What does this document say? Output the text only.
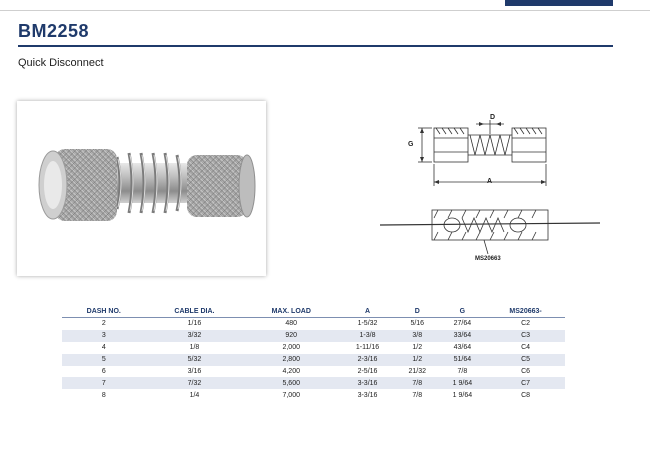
BM2258
Quick Disconnect
D
G
A
MS20663
DASH NO.	CABLE DIA.	MAX. LOAD	A	D	G	MS20663-
2	1/16	480	1-5/32	5/16	27/64	C2
3	3/32	920	1-3/8	3/8	33/64	C3
4	1/8	2,000	1-11/16	1/2	43/64	C4
5	5/32	2,800	2-3/16	1/2	51/64	C5
6	3/16	4,200	2-5/16	21/32	7/8	C6
7	7/32	5,600	3-3/16	7/8	1 9/64	C7
8	1/4	7,000	3-3/16	7/8	1 9/64	C8
